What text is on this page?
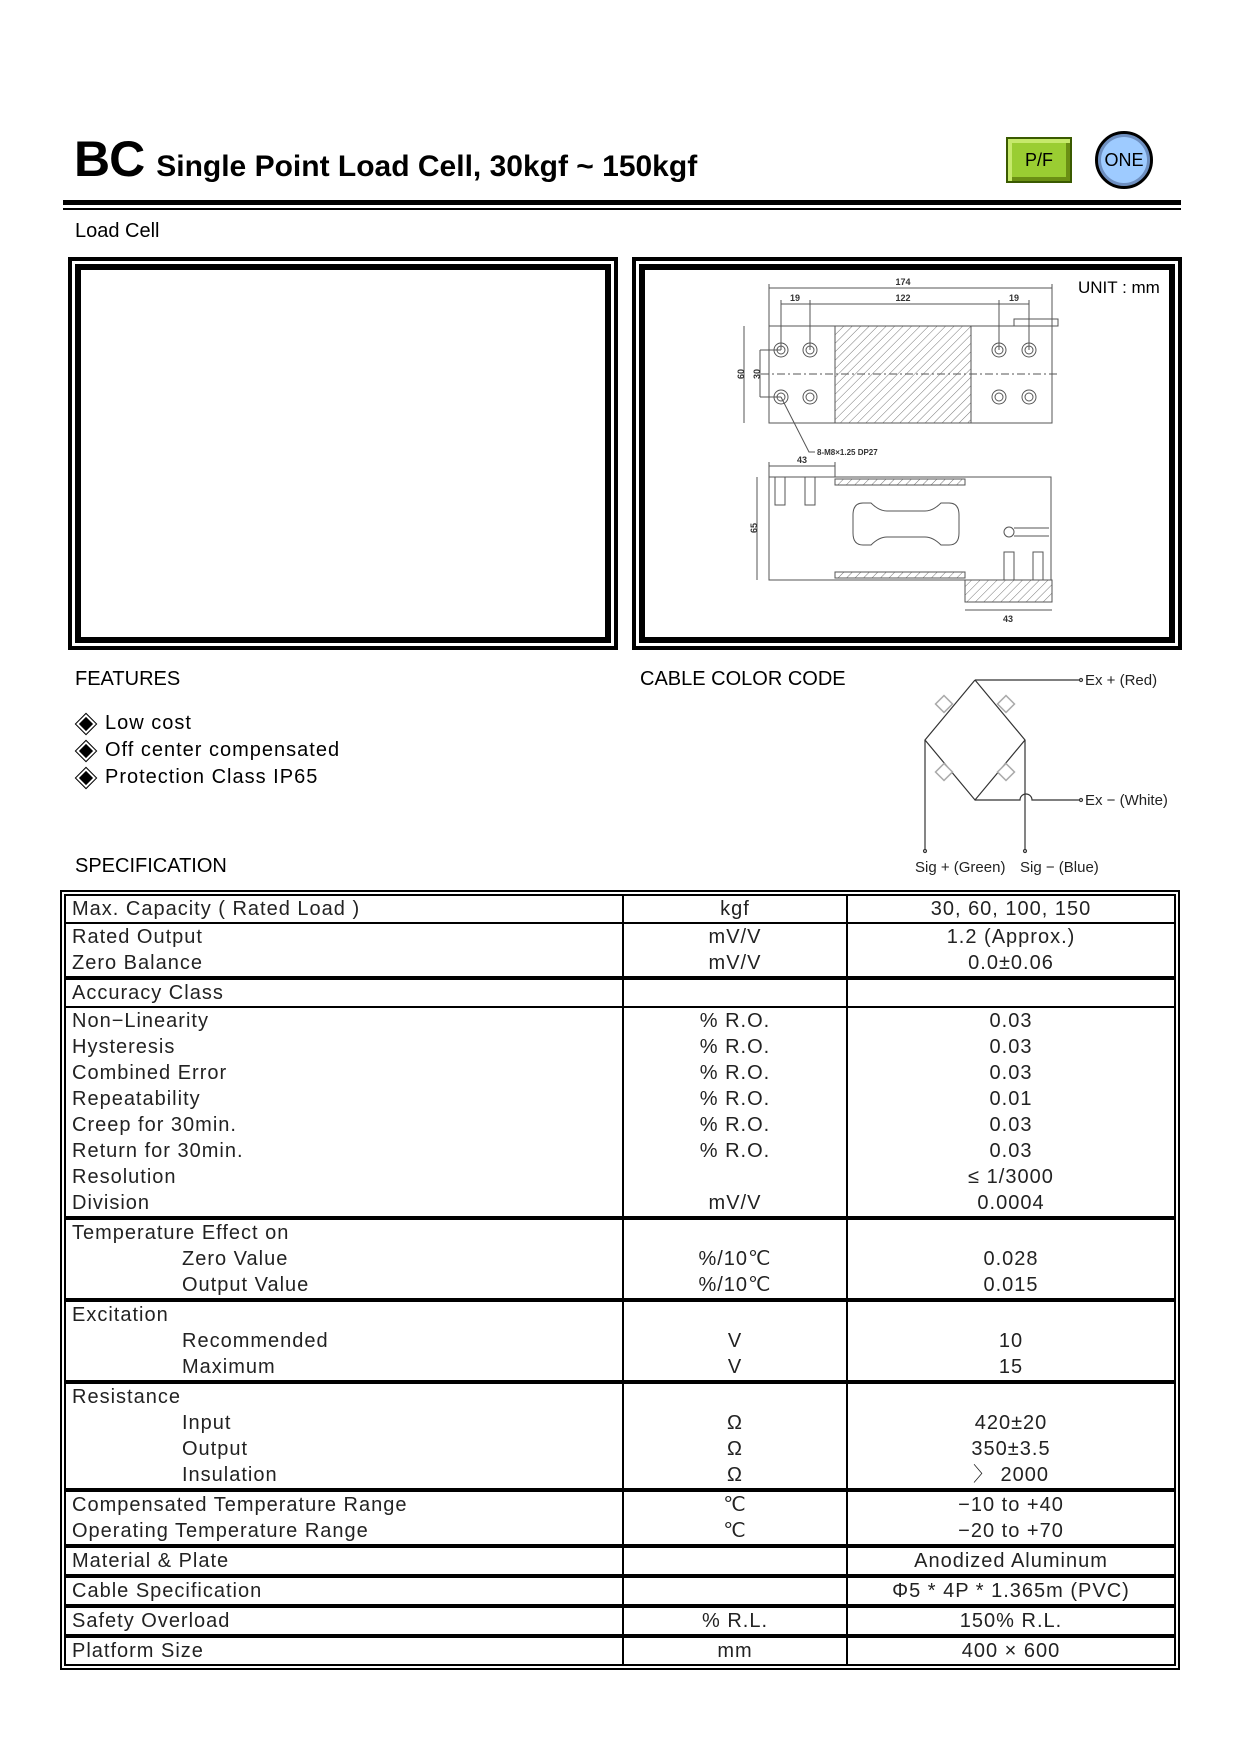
BC Single Point Load Cell, 30kgf ~ 150kgf	P/F	ONE
Load Cell
174
19	122	19
60 30
8-M8×1.25 DP27
43
65
43
UNIT : mm
FEATURES
Low cost
Off center compensated
Protection Class IP65
CABLE COLOR CODE	Ex + (Red)
Ex − (White)
Sig + (Green) Sig − (Blue)
SPECIFICATION
Max. Capacity ( Rated Load )	kgf	30, 60, 100, 150
Rated Output	mV/V	1.2 (Approx.)
Zero Balance	mV/V	0.0±0.06
Accuracy Class		
Non−Linearity	% R.O.	0.03
Hysteresis	% R.O.	0.03
Combined Error	% R.O.	0.03
Repeatability	% R.O.	0.01
Creep for 30min.	% R.O.	0.03
Return for 30min.	% R.O.	0.03
Resolution		≤ 1/3000
Division	mV/V	0.0004
Temperature Effect on		
Zero Value	%/10℃	0.028
Output Value	%/10℃	0.015
Excitation		
Recommended	V	10
Maximum	V	15
Resistance		
Input	Ω	420±20
Output	Ω	350±3.5
Insulation	Ω	〉 2000
Compensated Temperature Range	℃	−10 to +40
Operating Temperature Range	℃	−20 to +70
Material & Plate		Anodized Aluminum
Cable Specification		Φ5 * 4P * 1.365m (PVC)
Safety Overload	% R.L.	150% R.L.
Platform Size	mm	400 × 600
